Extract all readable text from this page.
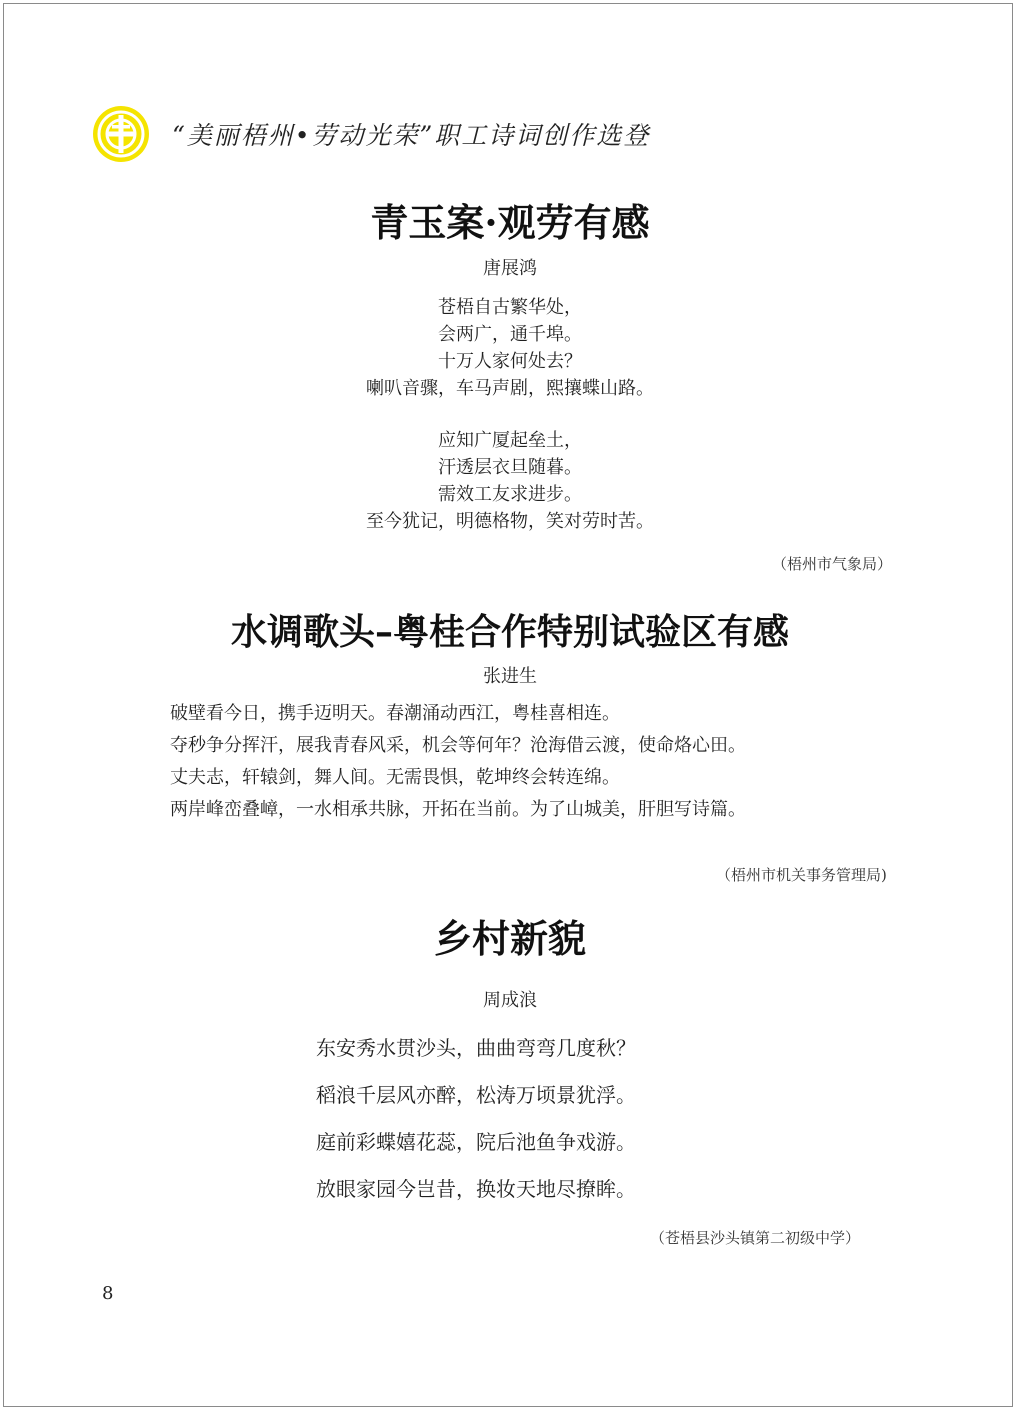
“美丽梧州•劳动光荣”职工诗词创作选登
青玉案·观劳有感
唐展鸿
苍梧自古繁华处，
会两广，通千埠。
十万人家何处去？
喇叭音骤，车马声剧，熙攘蝶山路。
应知广厦起垒土，
汗透层衣旦随暮。
需效工友求进步。
至今犹记，明德格物，笑对劳时苦。
（梧州市气象局）
水调歌头–粤桂合作特别试验区有感
张进生
破壁看今日，携手迈明天。春潮涌动西江，粤桂喜相连。
夺秒争分挥汗，展我青春风采，机会等何年？沧海借云渡，使命烙心田。
丈夫志，轩辕剑，舞人间。无需畏惧，乾坤终会转连绵。
两岸峰峦叠嶂，一水相承共脉，开拓在当前。为了山城美，肝胆写诗篇。
（梧州市机关事务管理局)
乡村新貌
周成浪
东安秀水贯沙头，曲曲弯弯几度秋？
稻浪千层风亦醉，松涛万顷景犹浮。
庭前彩蝶嬉花蕊，院后池鱼争戏游。
放眼家园今岂昔，换妆天地尽撩眸。
（苍梧县沙头镇第二初级中学）
8
